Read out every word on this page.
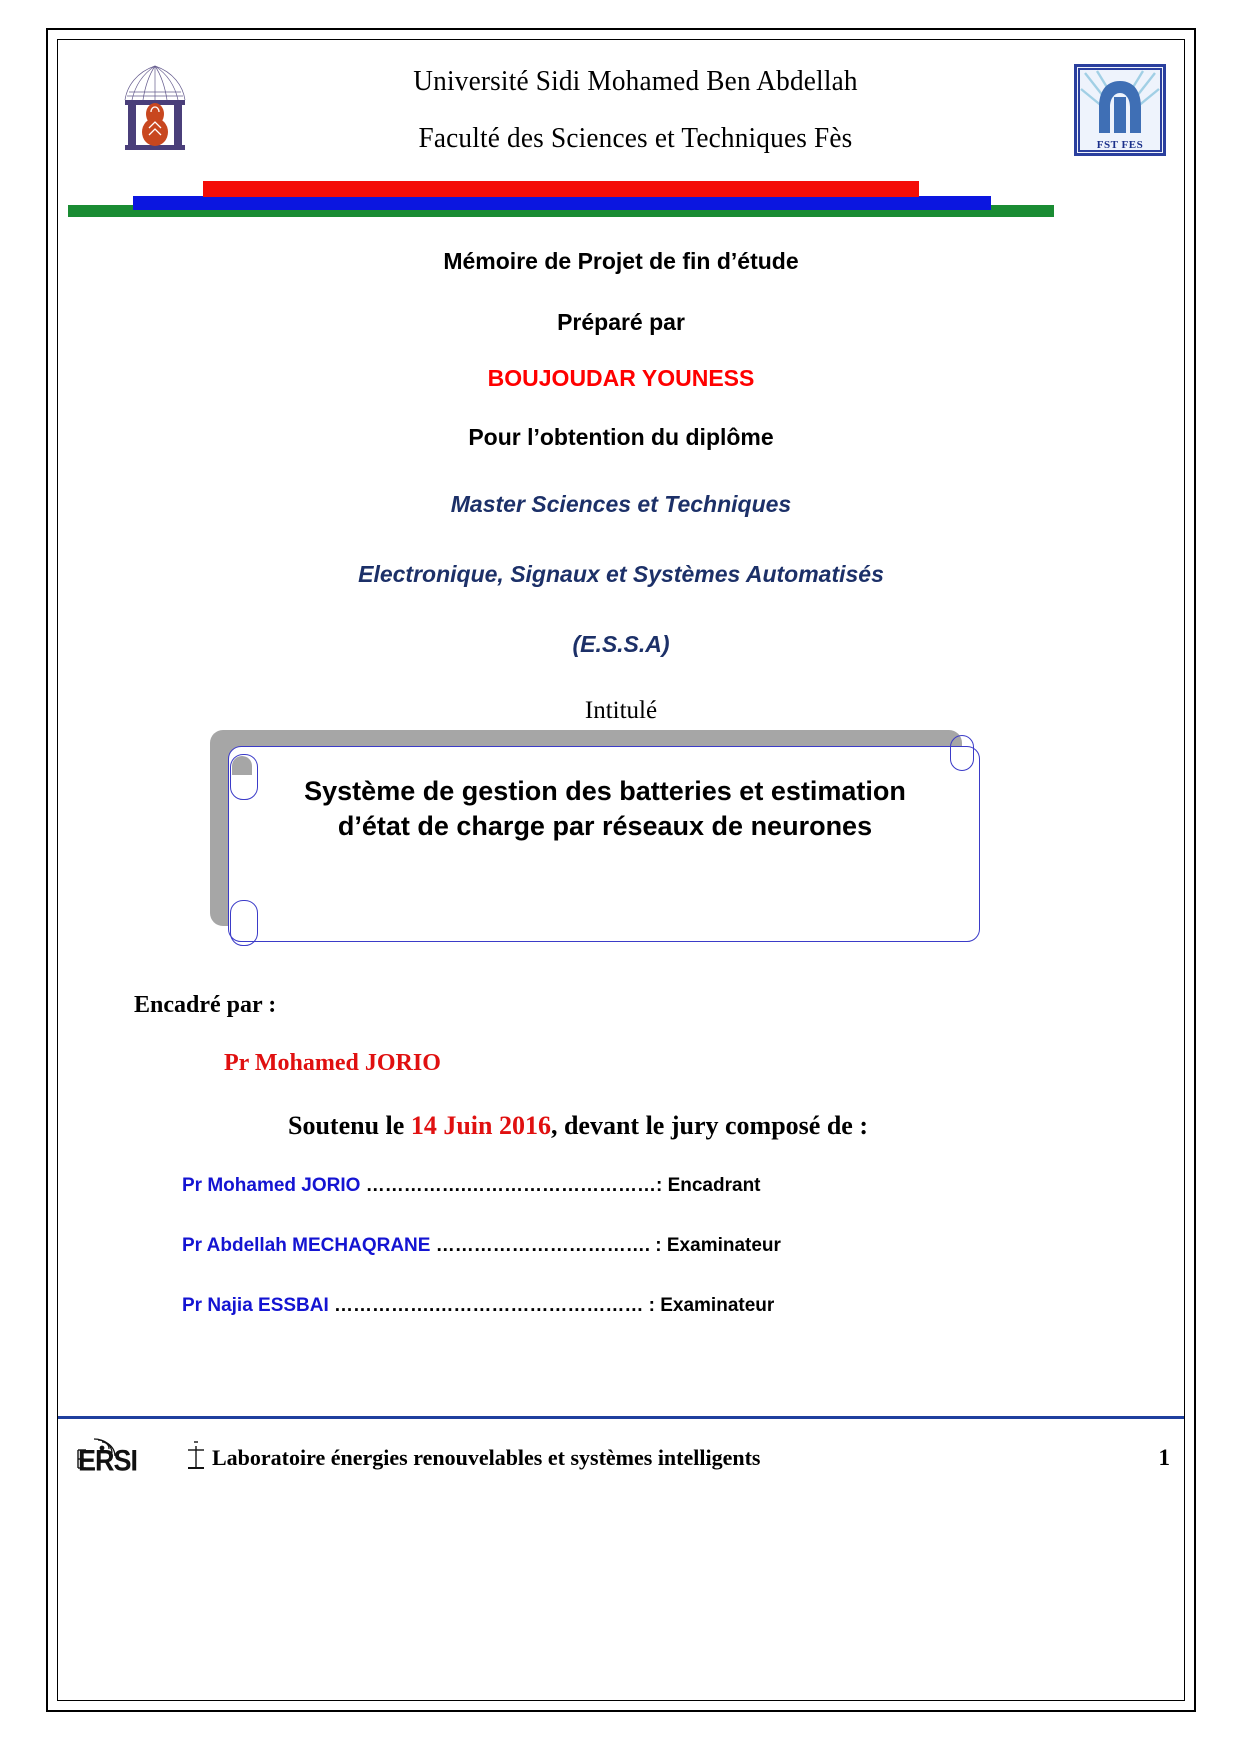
Université Sidi Mohamed Ben Abdellah
Faculté des Sciences et Techniques Fès	FST FES
Mémoire de Projet de fin d’étude
Préparé par
BOUJOUDAR YOUNESS
Pour l’obtention du diplôme
Master Sciences et Techniques
Electronique, Signaux et Systèmes Automatisés
(E.S.S.A)
Intitulé
Système de gestion des batteries et estimation d’état de charge par réseaux de neurones
Encadré par :
Pr Mohamed JORIO
Soutenu le 14 Juin 2016, devant le jury composé de :
Pr Mohamed JORIO …………….…………………………: Encadrant
Pr Abdellah MECHAQRANE ……………………………. : Examinateur
Pr Najia ESSBAI …………….…………………………… : Examinateur
ERSI	Laboratoire énergies renouvelables et systèmes intelligents	1
